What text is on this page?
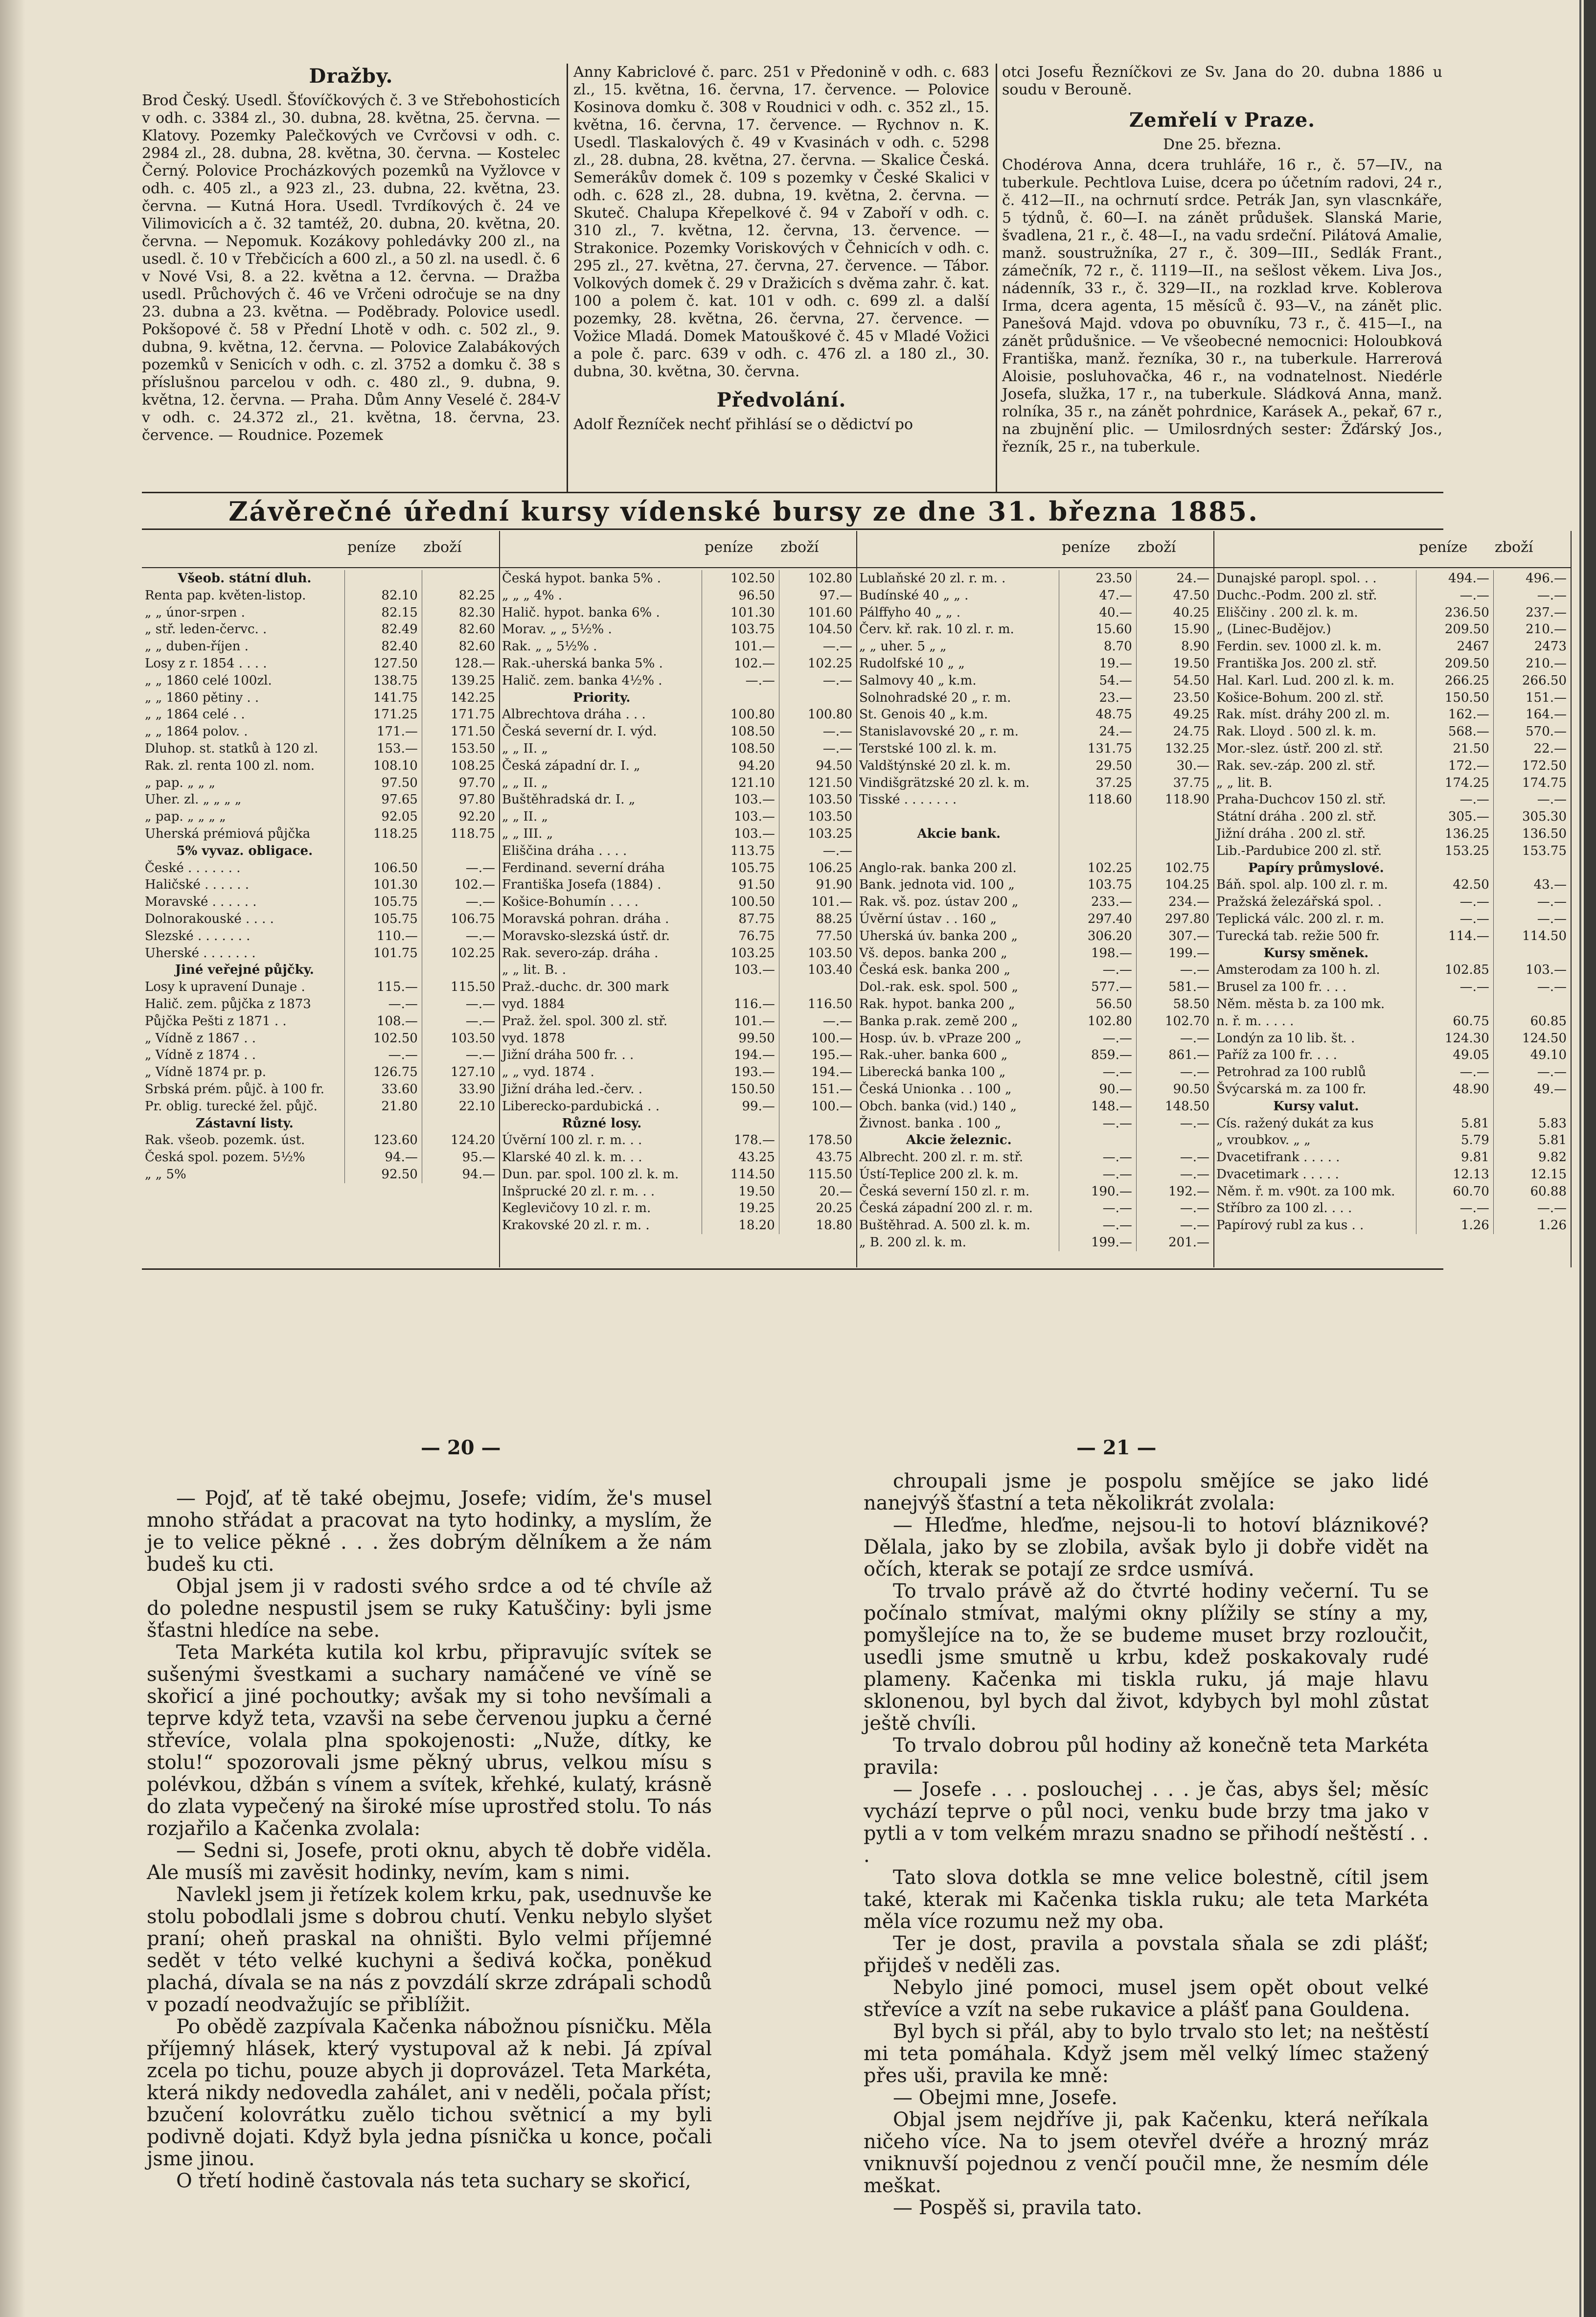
Dražby.

Brod Český. Usedl. Šťovíčkových č. 3 ve Střebohosticích v odh. c. 3384 zl., 30. dubna, 28. května, 25. června. — Klatovy. Pozemky Palečkových ve Cvrčovsi v odh. c. 2984 zl., 28. dubna, 28. května, 30. června. — Kostelec Černý. Polovice Procházkových pozemků na Vyžlovce v odh. c. 405 zl., a 923 zl., 23. dubna, 22. května, 23. června. — Kutná Hora. Usedl. Tvrdíkových č. 24 ve Vilimovicích a č. 32 tamtéž, 20. dubna, 20. května, 20. června. — Nepomuk. Kozákovy pohledávky 200 zl., na usedl. č. 10 v Třebčicích a 600 zl., a 50 zl. na usedl. č. 6 v Nové Vsi, 8. a 22. května a 12. června. — Dražba usedl. Průchových č. 46 ve Vrčeni odročuje se na dny 23. dubna a 23. května. — Poděbrady. Polovice usedl. Pokšopové č. 58 v Přední Lhotě v odh. c. 502 zl., 9. dubna, 9. května, 12. června. — Polovice Zalabákových pozemků v Senicích v odh. c. zl. 3752 a domku č. 38 s příslušnou parcelou v odh. c. 480 zl., 9. dubna, 9. května, 12. června. — Praha. Dům Anny Veselé č. 284-V v odh. c. 24.372 zl., 21. května, 18. června, 23. července. — Roudnice. Pozemek

Anny Kabriclové č. parc. 251 v Předonině v odh. c. 683 zl., 15. května, 16. června, 17. července. — Polovice Kosinova domku č. 308 v Roudnici v odh. c. 352 zl., 15. května, 16. června, 17. července. — Rychnov n. K. Usedl. Tlaskalových č. 49 v Kvasinách v odh. c. 5298 zl., 28. dubna, 28. května, 27. června. — Skalice Česká. Semerákův domek č. 109 s pozemky v České Skalici v odh. c. 628 zl., 28. dubna, 19. května, 2. června. — Skuteč. Chalupa Křepelkové č. 94 v Zaboří v odh. c. 310 zl., 7. května, 12. června, 13. července. — Strakonice. Pozemky Voriskových v Čehnicích v odh. c. 295 zl., 27. května, 27. června, 27. července. — Tábor. Volkových domek č. 29 v Dražicích s dvěma zahr. č. kat. 100 a polem č. kat. 101 v odh. c. 699 zl. a další pozemky, 28. května, 26. června, 27. července. — Vožice Mladá. Domek Matouškové č. 45 v Mladé Vožici a pole č. parc. 639 v odh. c. 476 zl. a 180 zl., 30. dubna, 30. května, 30. června.

Předvolání.

Adolf Řezníček nechť přihlásí se o dědictví po

otci Josefu Řezníčkovi ze Sv. Jana do 20. dubna 1886 u soudu v Berouně.

Zemřelí v Praze.
Dne 25. března.

Chodérova Anna, dcera truhláře, 16 r., č. 57—IV., na tuberkule. Pechtlova Luise, dcera po účetním radovi, 24 r., č. 412—II., na ochrnutí srdce. Petrák Jan, syn vlascnkáře, 5 týdnů, č. 60—I. na zánět průdušek. Slanská Marie, švadlena, 21 r., č. 48—I., na vadu srdeční. Pilátová Amalie, manž. soustružníka, 27 r., č. 309—III., Sedlák Frant., zámečník, 72 r., č. 1119—II., na sešlost věkem. Liva Jos., nádenník, 33 r., č. 329—II., na rozklad krve. Koblerova Irma, dcera agenta, 15 měsíců č. 93—V., na zánět plic. Panešová Majd. vdova po obuvníku, 73 r., č. 415—I., na zánět průdušnice. — Ve všeobecné nemocnici: Holoubková Františka, manž. řezníka, 30 r., na tuberkule. Harrerová Aloisie, posluhovačka, 46 r., na vodnatelnost. Niedérle Josefa, služka, 17 r., na tuberkule. Sládková Anna, manž. rolníka, 35 r., na zánět pohrdnice, Karásek A., pekař, 67 r., na zbujnění plic. — Umilosrdných sester: Žďárský Jos., řezník, 25 r., na tuberkule.

Závěrečné úřední kursy vídenské bursy ze dne 31. března 1885.
peníze zboží
Všeob. státní dluh.
Renta pap. květen-listop.	82.10	82.25
„ „ únor-srpen .	82.15	82.30
„ stř. leden-červc. .	82.49	82.60
„ „ duben-říjen .	82.40	82.60
Losy z r. 1854 . . . .	127.50	128.—
„ „ 1860 celé 100zl.	138.75	139.25
„ „ 1860 pětiny . .	141.75	142.25
„ „ 1864 celé . .	171.25	171.75
„ „ 1864 polov. .	171.—	171.50
Dluhop. st. statků à 120 zl.	153.—	153.50
Rak. zl. renta 100 zl. nom.	108.10	108.25
„ pap. „ „ „	97.50	97.70
Uher. zl. „ „ „ „	97.65	97.80
„ pap. „ „ „ „	92.05	92.20
Uherská prémiová půjčka	118.25	118.75
5% vyvaz. obligace.
České . . . . . . .	106.50	—.—
Haličské . . . . . .	101.30	102.—
Moravské . . . . . .	105.75	—.—
Dolnorakouské . . . .	105.75	106.75
Slezské . . . . . . .	110.—	—.—
Uherské . . . . . . .	101.75	102.25
Jiné veřejné půjčky.
Losy k upravení Dunaje .	115.—	115.50
Halič. zem. půjčka z 1873	—.—	—.—
Půjčka Pešti z 1871 . .	108.—	—.—
„ Vídně z 1867 . .	102.50	103.50
„ Vídně z 1874 . .	—.—	—.—
„ Vídně 1874 pr. p.	126.75	127.10
Srbská prém. půjč. à 100 fr.	33.60	33.90
Pr. oblig. turecké žel. půjč.	21.80	22.10
Zástavní listy.
Rak. všeob. pozemk. úst.	123.60	124.20
Česká spol. pozem. 5½%	94.—	95.—
„ „ 5%	92.50	94.—
peníze zboží
Česká hypot. banka 5% .	102.50	102.80
„ „ „ 4% .	96.50	97.—
Halič. hypot. banka 6% .	101.30	101.60
Morav. „ „ 5½% .	103.75	104.50
Rak. „ „ 5½% .	101.—	—.—
Rak.-uherská banka 5% .	102.—	102.25
Halič. zem. banka 4½% .	—.—	—.—
Priority.
Albrechtova dráha . . .	100.80	100.80
Česká severní dr. I. výd.	108.50	—.—
„ „ II. „	108.50	—.—
Česká západní dr. I. „	94.20	94.50
„ „ II. „	121.10	121.50
Buštěhradská dr. I. „	103.—	103.50
„ „ II. „	103.—	103.50
„ „ III. „	103.—	103.25
Eliščina dráha . . . .	113.75	—.—
Ferdinand. severní dráha	105.75	106.25
Františka Josefa (1884) .	91.50	91.90
Košice-Bohumín . . . .	100.50	101.—
Moravská pohran. dráha .	87.75	88.25
Moravsko-slezská ústř. dr.	76.75	77.50
Rak. severo-záp. dráha .	103.25	103.50
„ „ lit. B. .	103.—	103.40
Praž.-duchc. dr. 300 mark
vyd. 1884	116.—	116.50
Praž. žel. spol. 300 zl. stř.	101.—	—.—
vyd. 1878	99.50	100.—
Jižní dráha 500 fr. . .	194.—	195.—
„ „ vyd. 1874 .	193.—	194.—
Jižní dráha led.-červ. .	150.50	151.—
Liberecko-pardubická . .	99.—	100.—
Různé losy.
Úvěrní 100 zl. r. m. . .	178.—	178.50
Klarské 40 zl. k. m. . .	43.25	43.75
Dun. par. spol. 100 zl. k. m.	114.50	115.50
Inšprucké 20 zl. r. m. . .	19.50	20.—
Keglevičovy 10 zl. r. m.	19.25	20.25
Krakovské 20 zl. r. m. .	18.20	18.80
peníze zboží
Lublaňské 20 zl. r. m. .	23.50	24.—
Budínské 40 „ „ .	47.—	47.50
Pálffyho 40 „ „ .	40.—	40.25
Červ. kř. rak. 10 zl. r. m.	15.60	15.90
„ „ uher. 5 „ „	8.70	8.90
Rudolfské 10 „ „	19.—	19.50
Salmovy 40 „ k.m.	54.—	54.50
Solnohradské 20 „ r. m.	23.—	23.50
St. Genois 40 „ k.m.	48.75	49.25
Stanislavovské 20 „ r. m.	24.—	24.75
Terstské 100 zl. k. m.	131.75	132.25
Valdštýnské 20 zl. k. m.	29.50	30.—
Vindišgrätzské 20 zl. k. m.	37.25	37.75
Tisské . . . . . . .	118.60	118.90
Akcie bank.
Anglo-rak. banka 200 zl.	102.25	102.75
Bank. jednota vid. 100 „	103.75	104.25
Rak. vš. poz. ústav 200 „	233.—	234.—
Úvěrní ústav . . 160 „	297.40	297.80
Uherská úv. banka 200 „	306.20	307.—
Vš. depos. banka 200 „	198.—	199.—
Česká esk. banka 200 „	—.—	—.—
Dol.-rak. esk. spol. 500 „	577.—	581.—
Rak. hypot. banka 200 „	56.50	58.50
Banka p.rak. země 200 „	102.80	102.70
Hosp. úv. b. vPraze 200 „	—.—	—.—
Rak.-uher. banka 600 „	859.—	861.—
Liberecká banka 100 „	—.—	—.—
Česká Unionka . . 100 „	90.—	90.50
Obch. banka (vid.) 140 „	148.—	148.50
Živnost. banka . 100 „	—.—	—.—
Akcie železnic.
Albrecht. 200 zl. r. m. stř.	—.—	—.—
Ústí-Teplice 200 zl. k. m.	—.—	—.—
Česká severní 150 zl. r. m.	190.—	192.—
Česká západní 200 zl. r. m.	—.—	—.—
Buštěhrad. A. 500 zl. k. m.	—.—	—.—
„ B. 200 zl. k. m.	199.—	201.—
peníze zboží
Dunajské paropl. spol. . .	494.—	496.—
Duchc.-Podm. 200 zl. stř.	—.—	—.—
Eliščiny . 200 zl. k. m.	236.50	237.—
„ (Linec-Budějov.)	209.50	210.—
Ferdin. sev. 1000 zl. k. m.	2467	2473
Františka Jos. 200 zl. stř.	209.50	210.—
Hal. Karl. Lud. 200 zl. k. m.	266.25	266.50
Košice-Bohum. 200 zl. stř.	150.50	151.—
Rak. míst. dráhy 200 zl. m.	162.—	164.—
Rak. Lloyd . 500 zl. k. m.	568.—	570.—
Mor.-slez. ústř. 200 zl. stř.	21.50	22.—
Rak. sev.-záp. 200 zl. stř.	172.—	172.50
„ „ lit. B.	174.25	174.75
Praha-Duchcov 150 zl. stř.	—.—	—.—
Státní dráha . 200 zl. stř.	305.—	305.30
Jižní dráha . 200 zl. stř.	136.25	136.50
Lib.-Pardubice 200 zl. stř.	153.25	153.75
Papíry průmyslové.
Báň. spol. alp. 100 zl. r. m.	42.50	43.—
Pražská železářská spol. .	—.—	—.—
Teplická válc. 200 zl. r. m.	—.—	—.—
Turecká tab. režie 500 fr.	114.—	114.50
Kursy směnek.
Amsterodam za 100 h. zl.	102.85	103.—
Brusel za 100 fr. . . .	—.—	—.—
Něm. města b. za 100 mk.
n. ř. m. . . . .	60.75	60.85
Londýn za 10 lib. št. .	124.30	124.50
Paříž za 100 fr. . . .	49.05	49.10
Petrohrad za 100 rublů	—.—	—.—
Švýcarská m. za 100 fr.	48.90	49.—
Kursy valut.
Cís. ražený dukát za kus	5.81	5.83
„ vroubkov. „ „	5.79	5.81
Dvacetifrank . . . . .	9.81	9.82
Dvacetimark . . . . .	12.13	12.15
Něm. ř. m. v90t. za 100 mk.	60.70	60.88
Stříbro za 100 zl. . . .	—.—	—.—
Papírový rubl za kus . .	1.26	1.26
— 20 —	— 21 —

— Pojď, ať tě také obejmu, Josefe; vidím, že's musel mnoho střádat a pracovat na tyto hodinky, a myslím, že je to velice pěkné . . . žes dobrým dělníkem a že nám budeš ku cti.

Objal jsem ji v radosti svého srdce a od té chvíle až do poledne nespustil jsem se ruky Katuščiny: byli jsme šťastni hledíce na sebe.

Teta Markéta kutila kol krbu, připravujíc svítek se sušenými švestkami a suchary namáčené ve víně se skořicí a jiné pochoutky; avšak my si toho nevšímali a teprve když teta, vzavši na sebe červenou jupku a černé střevíce, volala plna spokojenosti: „Nuže, dítky, ke stolu!“ spozorovali jsme pěkný ubrus, velkou mísu s polévkou, džbán s vínem a svítek, křehké, kulatý, krásně do zlata vypečený na široké míse uprostřed stolu. To nás rozjařilo a Kačenka zvolala:

— Sedni si, Josefe, proti oknu, abych tě dobře viděla. Ale musíš mi zavěsit hodinky, nevím, kam s nimi.

Navlekl jsem ji řetízek kolem krku, pak, usednuvše ke stolu pobodlali jsme s dobrou chutí. Venku nebylo slyšet praní; oheň praskal na ohništi. Bylo velmi příjemné sedět v této velké kuchyni a šedivá kočka, poněkud plachá, dívala se na nás z povzdálí skrze zdrápali schodů v pozadí neodvažujíc se přiblížit.

Po obědě zazpívala Kačenka nábožnou písničku. Měla příjemný hlásek, který vystupoval až k nebi. Já zpíval zcela po tichu, pouze abych ji doprovázel. Teta Markéta, která nikdy nedovedla zahálet, ani v neděli, počala příst; bzučení kolovrátku zuělo tichou světnicí a my byli podivně dojati. Když byla jedna písnička u konce, počali jsme jinou.

O třetí hodině častovala nás teta suchary se skořicí,

chroupali jsme je pospolu smějíce se jako lidé nanejvýš šťastní a teta několikrát zvolala:

— Hleďme, hleďme, nejsou-li to hotoví bláznikové? Dělala, jako by se zlobila, avšak bylo ji dobře vidět na očích, kterak se potají ze srdce usmívá.

To trvalo právě až do čtvrté hodiny večerní. Tu se počínalo stmívat, malými okny plížily se stíny a my, pomyšlejíce na to, že se budeme muset brzy rozloučit, usedli jsme smutně u krbu, kdež poskakovaly rudé plameny. Kačenka mi tiskla ruku, já maje hlavu sklonenou, byl bych dal život, kdybych byl mohl zůstat ještě chvíli.

To trvalo dobrou půl hodiny až konečně teta Markéta pravila:

— Josefe . . . poslouchej . . . je čas, abys šel; měsíc vychází teprve o půl noci, venku bude brzy tma jako v pytli a v tom velkém mrazu snadno se přihodí neštěstí . . .

Tato slova dotkla se mne velice bolestně, cítil jsem také, kterak mi Kačenka tiskla ruku; ale teta Markéta měla více rozumu než my oba.

Ter je dost, pravila a povstala sňala se zdi plášť; přijdeš v neděli zas.

Nebylo jiné pomoci, musel jsem opět obout velké střevíce a vzít na sebe rukavice a plášť pana Gouldena.

Byl bych si přál, aby to bylo trvalo sto let; na neštěstí mi teta pomáhala. Když jsem měl velký límec stažený přes uši, pravila ke mně:

— Obejmi mne, Josefe.

Objal jsem nejdříve ji, pak Kačenku, která neříkala ničeho více. Na to jsem otevřel dvéře a hrozný mráz vniknuvší pojednou z venčí poučil mne, že nesmím déle meškat.

— Pospěš si, pravila tato.
